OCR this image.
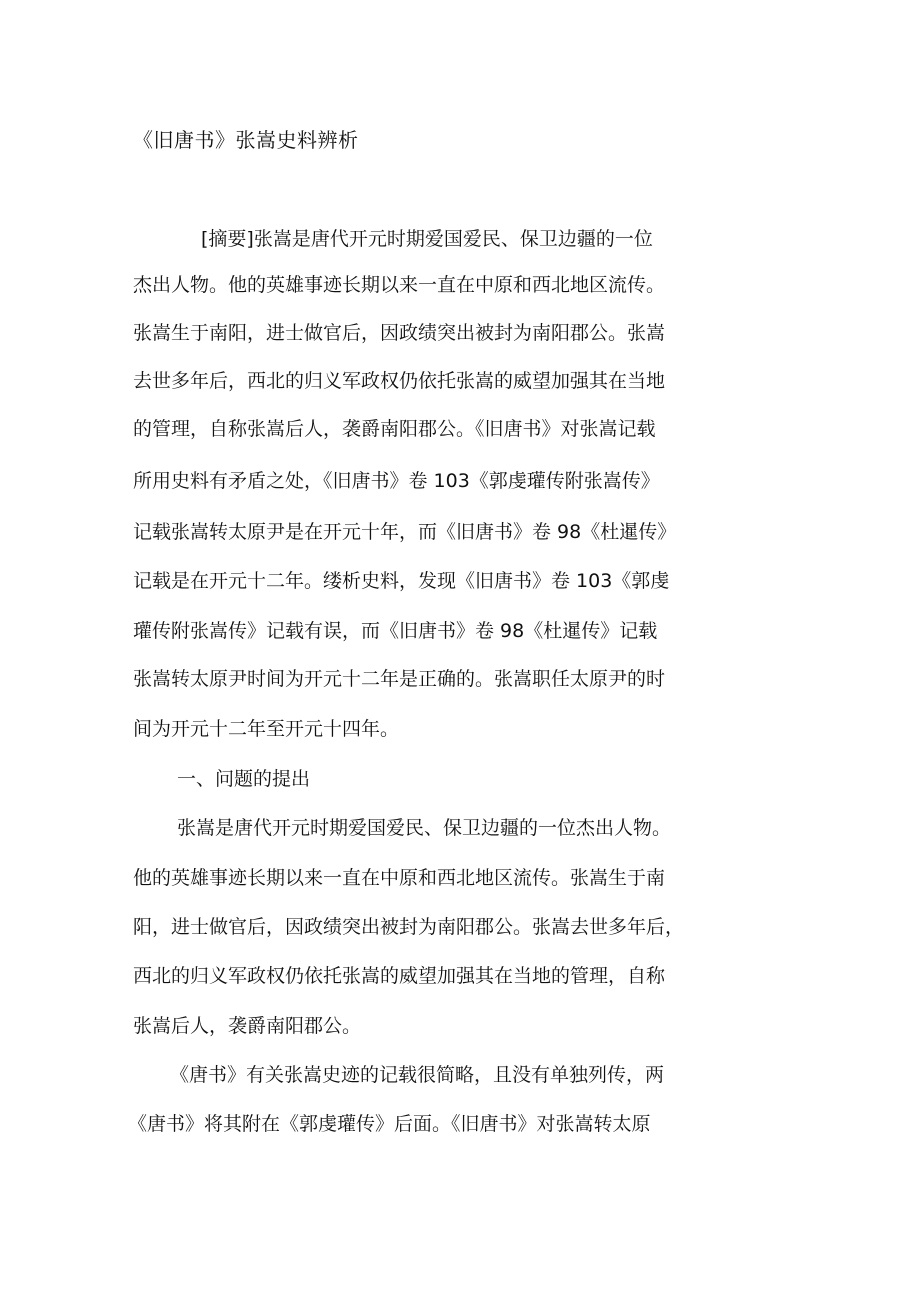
《旧唐书》张嵩史料辨析
[摘要]张嵩是唐代开元时期爱国爱民、保卫边疆的一位
杰出人物。他的英雄事迹长期以来一直在中原和西北地区流传。
张嵩生于南阳，进士做官后，因政绩突出被封为南阳郡公。张嵩
去世多年后，西北的归义军政权仍依托张嵩的威望加强其在当地
的管理，自称张嵩后人，袭爵南阳郡公。《旧唐书》对张嵩记载
所用史料有矛盾之处，《旧唐书》卷 103《郭虔瓘传附张嵩传》
记载张嵩转太原尹是在开元十年，而《旧唐书》卷 98《杜暹传》
记载是在开元十二年。缕析史料，发现《旧唐书》卷 103《郭虔
瓘传附张嵩传》记载有误，而《旧唐书》卷 98《杜暹传》记载
张嵩转太原尹时间为开元十二年是正确的。张嵩职任太原尹的时
间为开元十二年至开元十四年。
一、问题的提出
张嵩是唐代开元时期爱国爱民、保卫边疆的一位杰出人物。
他的英雄事迹长期以来一直在中原和西北地区流传。张嵩生于南
阳，进士做官后，因政绩突出被封为南阳郡公。张嵩去世多年后，
西北的归义军政权仍依托张嵩的威望加强其在当地的管理，自称
张嵩后人，袭爵南阳郡公。
《唐书》有关张嵩史迹的记载很简略，且没有单独列传，两
《唐书》将其附在《郭虔瓘传》后面。《旧唐书》对张嵩转太原
